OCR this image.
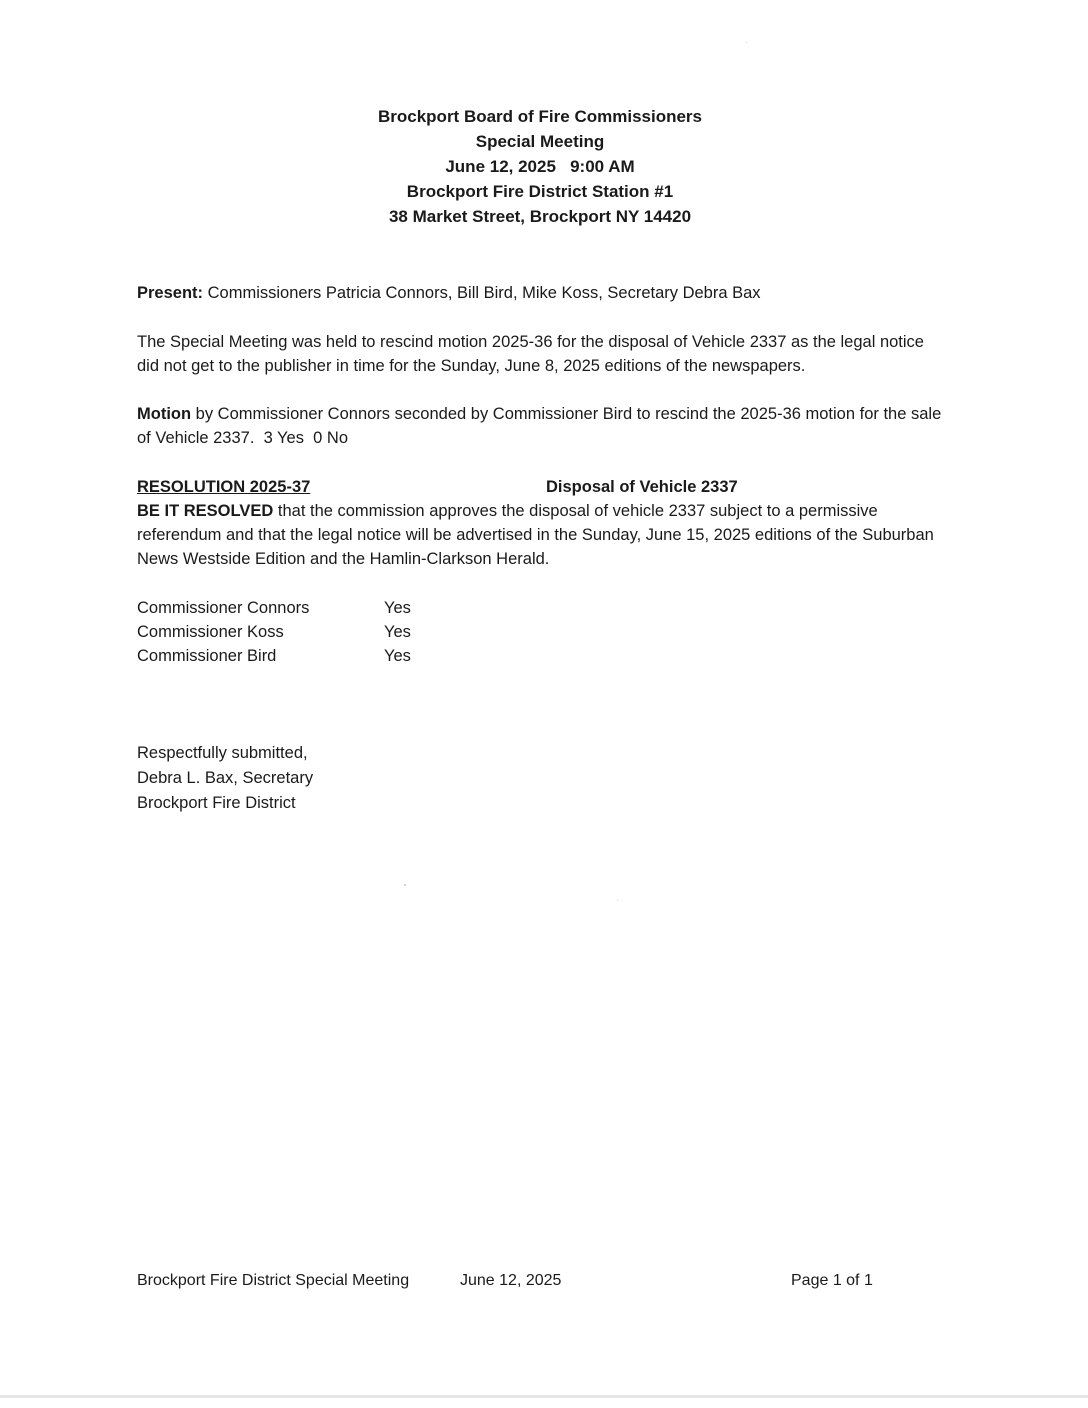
Brockport Board of Fire Commissioners
Special Meeting
June 12, 2025   9:00 AM
Brockport Fire District Station #1
38 Market Street, Brockport NY 14420
Present: Commissioners Patricia Connors, Bill Bird, Mike Koss, Secretary Debra Bax
The Special Meeting was held to rescind motion 2025-36 for the disposal of Vehicle 2337 as the legal notice did not get to the publisher in time for the Sunday, June 8, 2025 editions of the newspapers.
Motion by Commissioner Connors seconded by Commissioner Bird to rescind the 2025-36 motion for the sale of Vehicle 2337.  3 Yes  0 No
RESOLUTION 2025-37	Disposal of Vehicle 2337
BE IT RESOLVED that the commission approves the disposal of vehicle 2337 subject to a permissive referendum and that the legal notice will be advertised in the Sunday, June 15, 2025 editions of the Suburban News Westside Edition and the Hamlin-Clarkson Herald.
Commissioner Connors	Yes
Commissioner Koss	Yes
Commissioner Bird	Yes
Respectfully submitted,
Debra L. Bax, Secretary
Brockport Fire District
Brockport Fire District Special Meeting	June 12, 2025	Page 1 of 1
